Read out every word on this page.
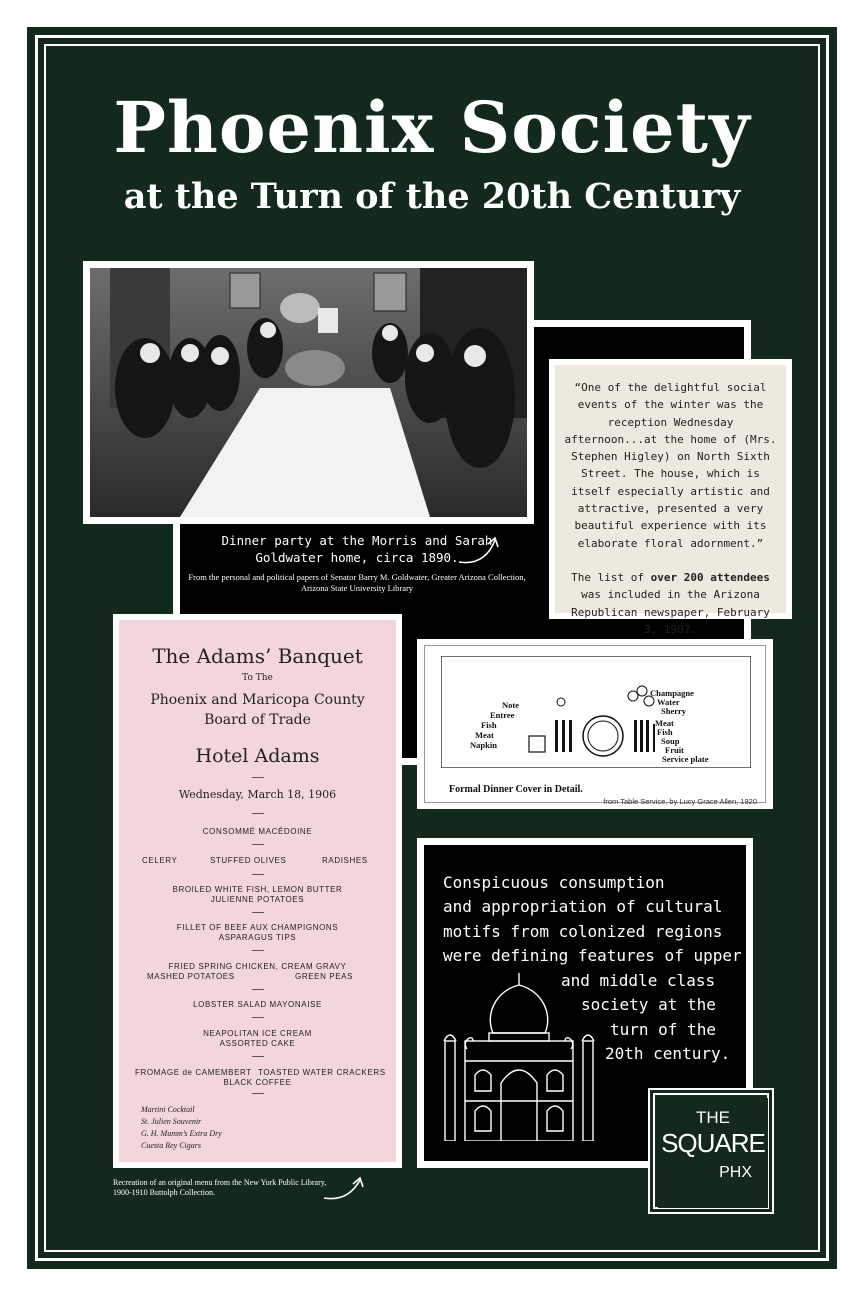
Phoenix Society
at the Turn of the 20th Century
Dinner party at the Morris and Sarah Goldwater home, circa 1890.
From the personal and political papers of Senator Barry M. Goldwater, Greater Arizona Collection, Arizona State University Library

“One of the delightful social events of the winter was the reception Wednesday afternoon...at the home of (Mrs. Stephen Higley) on North Sixth Street. The house, which is itself especially artistic and attractive, presented a very beautiful experience with its elaborate floral adornment.”

The list of over 200 attendees was included in the Arizona Republican newspaper, February 3, 1907.

The Adams’ Banquet
To The
Phoenix and Maricopa County
Board of Trade
Hotel Adams
Wednesday, March 18, 1906
CONSOMMÉ MACÉDOINE
CELERY	STUFFED OLIVES	RADISHES
BROILED WHITE FISH, LEMON BUTTER
JULIENNE POTATOES
FILLET OF BEEF AUX CHAMPIGNONS
ASPARAGUS TIPS
FRIED SPRING CHICKEN, CREAM GRAVY
MASHED POTATOES	GREEN PEAS
LOBSTER SALAD MAYONAISE
NEAPOLITAN ICE CREAM
ASSORTED CAKE
FROMAGE de CAMEMBERT TOASTED WATER CRACKERS
BLACK COFFEE
Martini Cocktail
St. Julien Souvenir
G. H. Mumm’s Extra Dry
Cuesta Rey Cigars
Recreation of an original menu from the New York Public Library, 1900-1910 Buttolph Collection.
Note
Entree
Fish
Meat
Napkin
Champagne
Water
Sherry
Meat
Fish
Soup
Fruit
Service plate
Formal Dinner Cover in Detail.
from Table Service, by Lucy Grace Allen, 1920
Conspicuous consumption
and appropriation of cultural
motifs from colonized regions
were defining features of upper
and middle class
society at the
turn of the
20th century.
THE
SQUARE
PHX
